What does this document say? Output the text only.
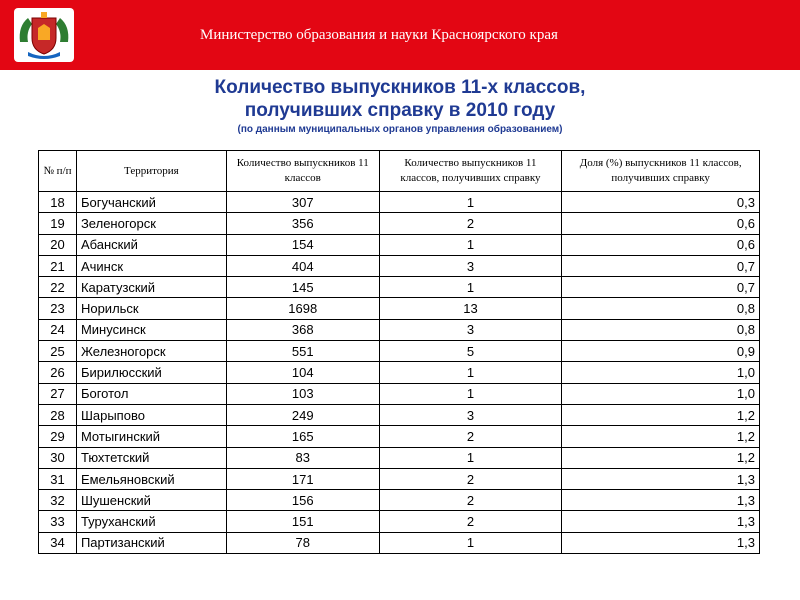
Министерство образования и науки Красноярского края
Количество выпускников 11-х классов,
получивших справку в 2010 году
(по данным муниципальных органов управления образованием)
№ п/п	Территория	Количество выпускников 11 классов	Количество выпускников 11 классов, получивших справку	Доля (%) выпускников 11 классов, получивших справку
18	Богучанский	307	1	0,3
19	Зеленогорск	356	2	0,6
20	Абанский	154	1	0,6
21	Ачинск	404	3	0,7
22	Каратузский	145	1	0,7
23	Норильск	1698	13	0,8
24	Минусинск	368	3	0,8
25	Железногорск	551	5	0,9
26	Бирилюсский	104	1	1,0
27	Боготол	103	1	1,0
28	Шарыпово	249	3	1,2
29	Мотыгинский	165	2	1,2
30	Тюхтетский	83	1	1,2
31	Емельяновский	171	2	1,3
32	Шушенский	156	2	1,3
33	Туруханский	151	2	1,3
34	Партизанский	78	1	1,3
